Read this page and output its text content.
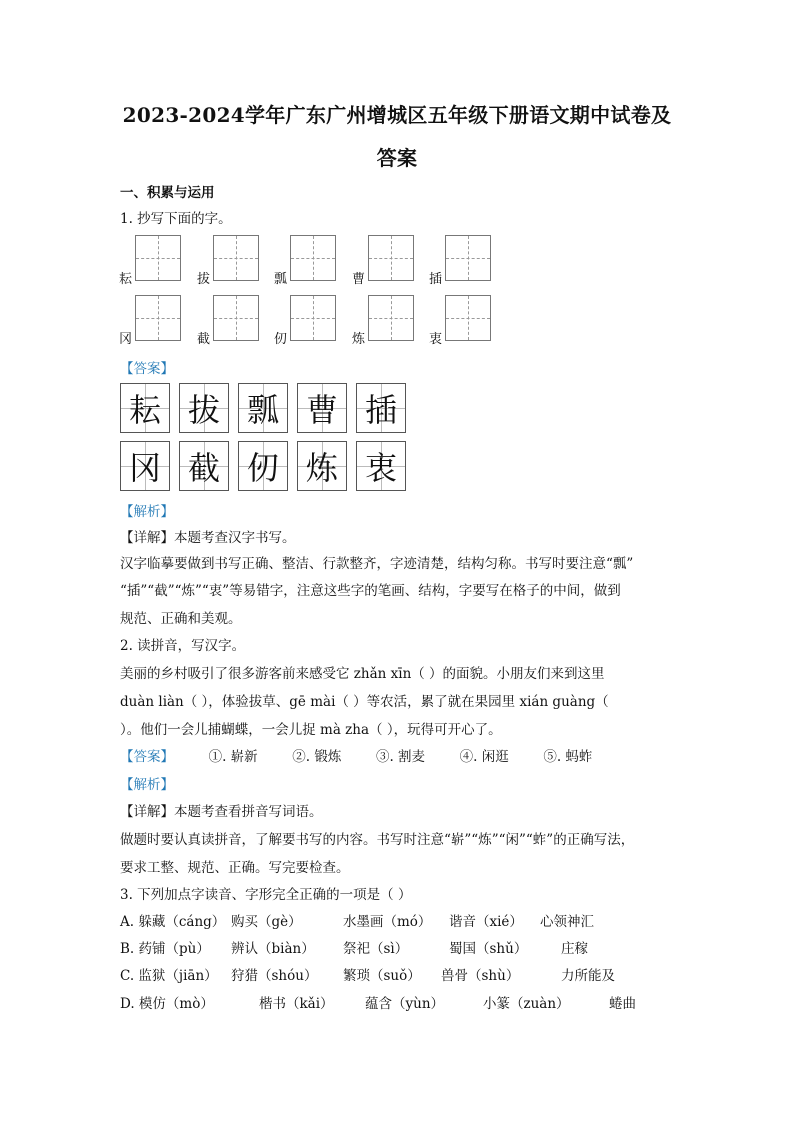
2023-2024学年广东广州增城区五年级下册语文期中试卷及
答案
一、积累与运用
1. 抄写下面的字。
耘	拔	瓢	曹	插
冈	截	仞	炼	衷
【答案】
耘 拔 瓢 曹 插
冈 截 仞 炼 衷
【解析】
【详解】本题考查汉字书写。
汉字临摹要做到书写正确、整洁、行款整齐，字迹清楚，结构匀称。书写时要注意“瓢”
“插”“截”“炼”“衷”等易错字，注意这些字的笔画、结构，字要写在格子的中间，做到
规范、正确和美观。
2. 读拼音，写汉字。
美丽的乡村吸引了很多游客前来感受它 zhǎn xīn（ ）的面貌。小朋友们来到这里
duàn liàn（ ），体验拔草、gē mài（ ）等农活，累了就在果园里 xián guàng（
）。他们一会儿捕蝴蝶，一会儿捉 mà zha（ ），玩得可开心了。
【答案】	①. 崭新	②. 锻炼	③. 割麦	④. 闲逛	⑤. 蚂蚱
【解析】
【详解】本题考查看拼音写词语。
做题时要认真读拼音，了解要书写的内容。书写时注意“崭”“炼”“闲”“蚱”的正确写法，
要求工整、规范、正确。写完要检查。
3. 下列加点字读音、字形完全正确的一项是（ ）
A. 躲藏（cáng） 购买（gè）	水墨画（mó） 谐音（xié） 心领神汇
B. 药铺（pù） 辨认（biàn） 祭祀（sì）	蜀国（shǔ） 庄稼
C. 监狱（jiān） 狩猎（shóu） 繁琐（suǒ） 兽骨（shù）	力所能及
D. 模仿（mò）	楷书（kǎi） 蕴含（yùn）	小篆（zuàn）	蜷曲
